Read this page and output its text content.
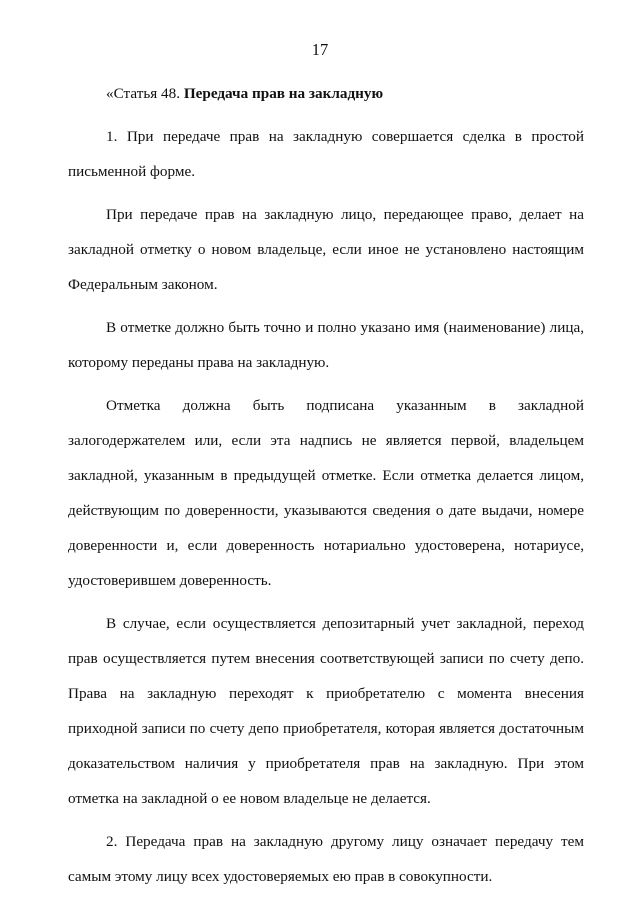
17

«Статья 48. Передача прав на закладную

1. При передаче прав на закладную совершается сделка в простой письменной форме.

При передаче прав на закладную лицо, передающее право, делает на закладной отметку о новом владельце, если иное не установлено настоящим Федеральным законом.

В отметке должно быть точно и полно указано имя (наименование) лица, которому переданы права на закладную.

Отметка должна быть подписана указанным в закладной залогодержателем или, если эта надпись не является первой, владельцем закладной, указанным в предыдущей отметке. Если отметка делается лицом, действующим по доверенности, указываются сведения о дате выдачи, номере доверенности и, если доверенность нотариально удостоверена, нотариусе, удостоверившем доверенность.

В случае, если осуществляется депозитарный учет закладной, переход прав осуществляется путем внесения соответствующей записи по счету депо. Права на закладную переходят к приобретателю с момента внесения приходной записи по счету депо приобретателя, которая является достаточным доказательством наличия у приобретателя прав на закладную. При этом отметка на закладной о ее новом владельце не делается.

2. Передача прав на закладную другому лицу означает передачу тем самым этому лицу всех удостоверяемых ею прав в совокупности.
